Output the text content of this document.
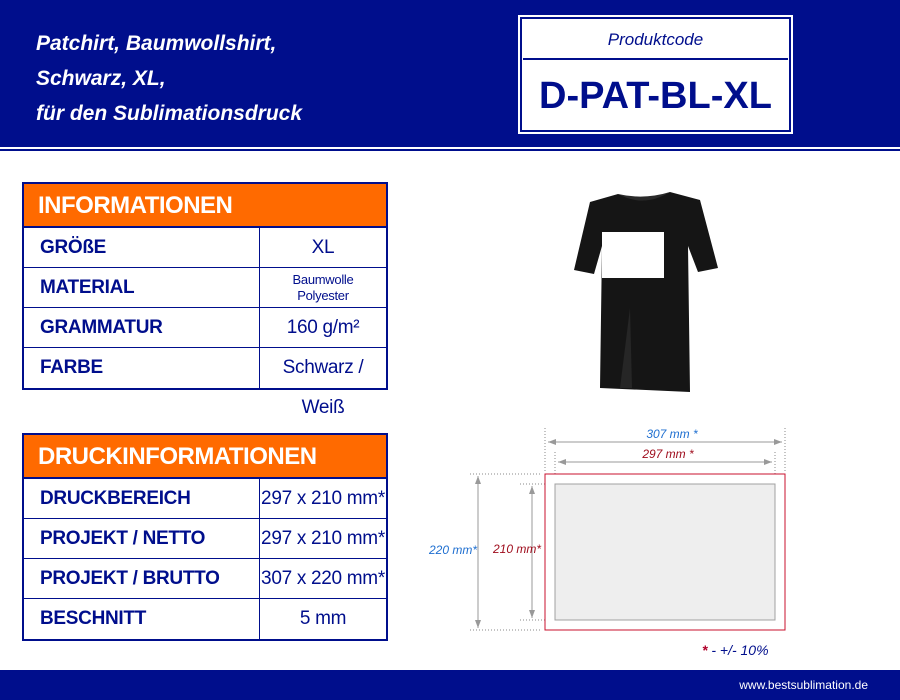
Patchirt, Baumwollshirt,
Schwarz, XL,
für den Sublimationsdruck
Produktcode
D-PAT-BL-XL
INFORMATIONEN
GRÖßE	XL
MATERIAL	Baumwolle
Polyester
GRAMMATUR	160 g/m²
FARBE	Schwarz / Weiß
DRUCKINFORMATIONEN
DRUCKBEREICH	297 x 210 mm*
PROJEKT / NETTO	297 x 210 mm*
PROJEKT / BRUTTO	307 x 220 mm*
BESCHNITT	5 mm
307 mm *
297 mm *
220 mm* 210 mm*
* - +/- 10%
www.bestsublimation.de
